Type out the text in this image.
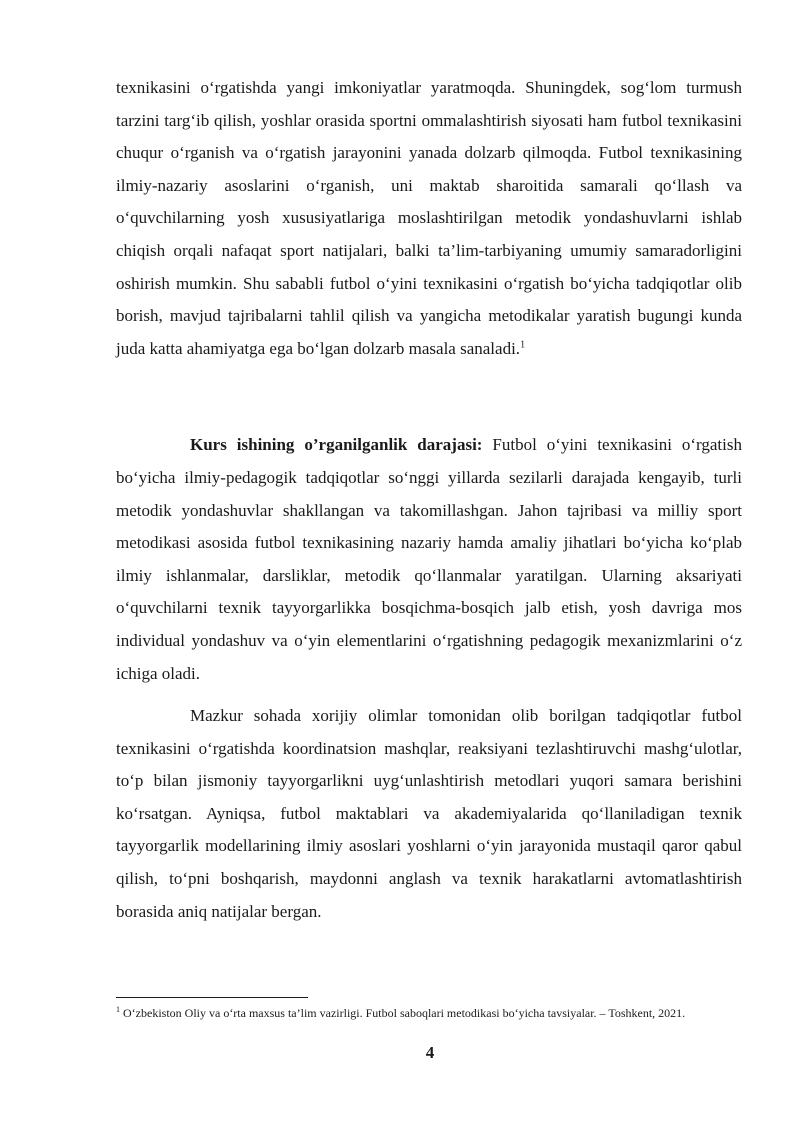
texnikasini o‘rgatishda yangi imkoniyatlar yaratmoqda. Shuningdek, sog‘lom turmush tarzini targ‘ib qilish, yoshlar orasida sportni ommalashtirish siyosati ham futbol texnikasini chuqur o‘rganish va o‘rgatish jarayonini yanada dolzarb qilmoqda. Futbol texnikasining ilmiy-nazariy asoslarini o‘rganish, uni maktab sharoitida samarali qo‘llash va o‘quvchilarning yosh xususiyatlariga moslashtirilgan metodik yondashuvlarni ishlab chiqish orqali nafaqat sport natijalari, balki ta’lim-tarbiyaning umumiy samaradorligini oshirish mumkin. Shu sababli futbol o‘yini texnikasini o‘rgatish bo‘yicha tadqiqotlar olib borish, mavjud tajribalarni tahlil qilish va yangicha metodikalar yaratish bugungi kunda juda katta ahamiyatga ega bo‘lgan dolzarb masala sanaladi.$^1$

Kurs ishining o’rganilganlik darajasi: Futbol o‘yini texnikasini o‘rgatish bo‘yicha ilmiy-pedagogik tadqiqotlar so‘nggi yillarda sezilarli darajada kengayib, turli metodik yondashuvlar shakllangan va takomillashgan. Jahon tajribasi va milliy sport metodikasi asosida futbol texnikasining nazariy hamda amaliy jihatlari bo‘yicha ko‘plab ilmiy ishlanmalar, darsliklar, metodik qo‘llanmalar yaratilgan. Ularning aksariyati o‘quvchilarni texnik tayyorgarlikka bosqichma-bosqich jalb etish, yosh davriga mos individual yondashuv va o‘yin elementlarini o‘rgatishning pedagogik mexanizmlarini o‘z ichiga oladi.

Mazkur sohada xorijiy olimlar tomonidan olib borilgan tadqiqotlar futbol texnikasini o‘rgatishda koordinatsion mashqlar, reaksiyani tezlashtiruvchi mashg‘ulotlar, to‘p bilan jismoniy tayyorgarlikni uyg‘unlashtirish metodlari yuqori samara berishini ko‘rsatgan. Ayniqsa, futbol maktablari va akademiyalarida qo‘llaniladigan texnik tayyorgarlik modellarining ilmiy asoslari yoshlarni o‘yin jarayonida mustaqil qaror qabul qilish, to‘pni boshqarish, maydonni anglash va texnik harakatlarni avtomatlashtirish borasida aniq natijalar bergan.

$^1$ O‘zbekiston Oliy va o‘rta maxsus ta’lim vazirligi. Futbol saboqlari metodikasi bo‘yicha tavsiyalar. – Toshkent, 2021.

4
